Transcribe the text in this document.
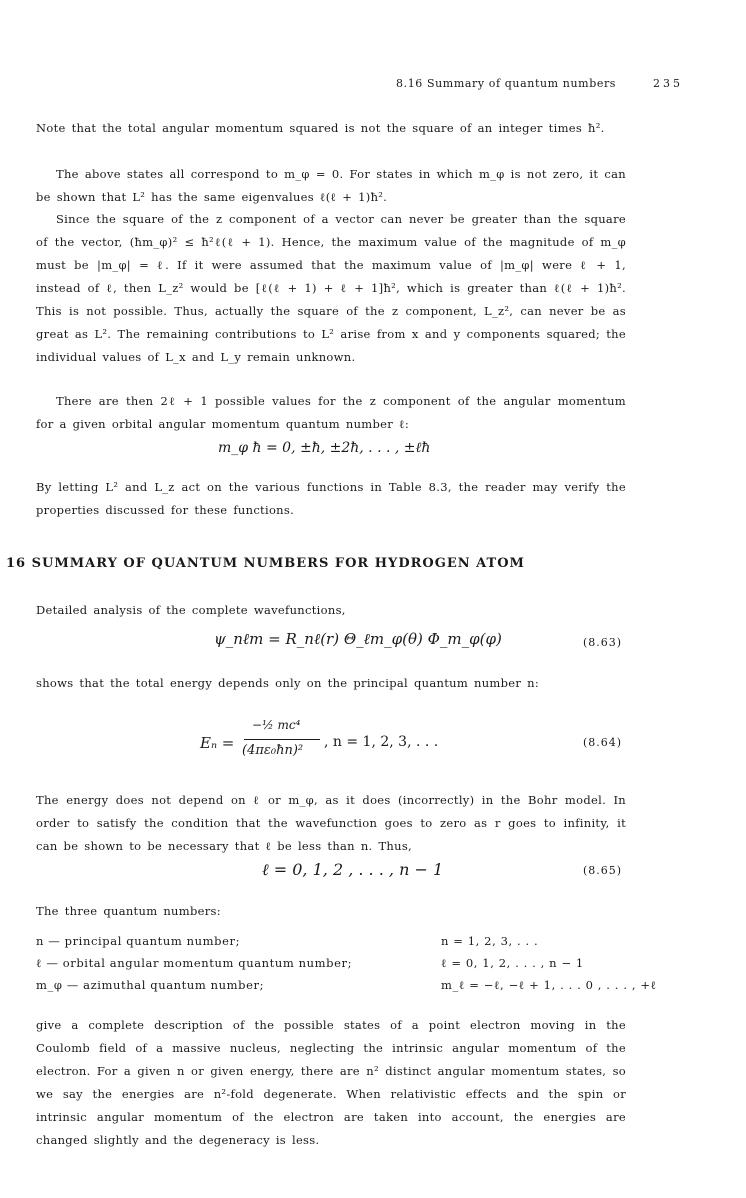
8.16 Summary of quantum numbers	235

Note that the total angular momentum squared is not the square of an integer times ħ².

The above states all correspond to m_φ = 0. For states in which m_φ is not zero, it can be shown that L² has the same eigenvalues ℓ(ℓ + 1)ħ².

Since the square of the z component of a vector can never be greater than the square of the vector, (ħm_φ)² ≤ ħ²ℓ(ℓ + 1). Hence, the maximum value of the magnitude of m_φ must be |m_φ| = ℓ. If it were assumed that the maximum value of |m_φ| were ℓ + 1, instead of ℓ, then L_z² would be [ℓ(ℓ + 1) + ℓ + 1]ħ², which is greater than ℓ(ℓ + 1)ħ². This is not possible. Thus, actually the square of the z component, L_z², can never be as great as L². The remaining contributions to L² arise from x and y components squared; the individual values of L_x and L_y remain unknown.

There are then 2ℓ + 1 possible values for the z component of the angular momentum for a given orbital angular momentum quantum number ℓ:

m_φ ħ = 0, ±ħ, ±2ħ, . . . , ±ℓħ

By letting L² and L_z act on the various functions in Table 8.3, the reader may verify the properties discussed for these functions.

16 SUMMARY OF QUANTUM NUMBERS FOR HYDROGEN ATOM

Detailed analysis of the complete wavefunctions,

ψ_nℓm = R_nℓ(r) Θ_ℓm_φ(θ) Φ_m_φ(φ)	(8.63)

shows that the total energy depends only on the principal quantum number n:

Eₙ =
−½ mc⁴
(4πε₀ħn)²
, n = 1, 2, 3, . . .	(8.64)

The energy does not depend on ℓ or m_φ, as it does (incorrectly) in the Bohr model. In order to satisfy the condition that the wavefunction goes to zero as r goes to infinity, it can be shown to be necessary that ℓ be less than n. Thus,

ℓ = 0, 1, 2 , . . . , n − 1	(8.65)

The three quantum numbers:

n — principal quantum number;	n = 1, 2, 3, . . .
ℓ — orbital angular momentum quantum number;	ℓ = 0, 1, 2, . . . , n − 1
m_φ — azimuthal quantum number;	m_ℓ = −ℓ, −ℓ + 1, . . . 0 , . . . , +ℓ

give a complete description of the possible states of a point electron moving in the Coulomb field of a massive nucleus, neglecting the intrinsic angular momentum of the electron. For a given n or given energy, there are n² distinct angular momentum states, so we say the energies are n²-fold degenerate. When relativistic effects and the spin or intrinsic angular momentum of the electron are taken into account, the energies are changed slightly and the degeneracy is less.
